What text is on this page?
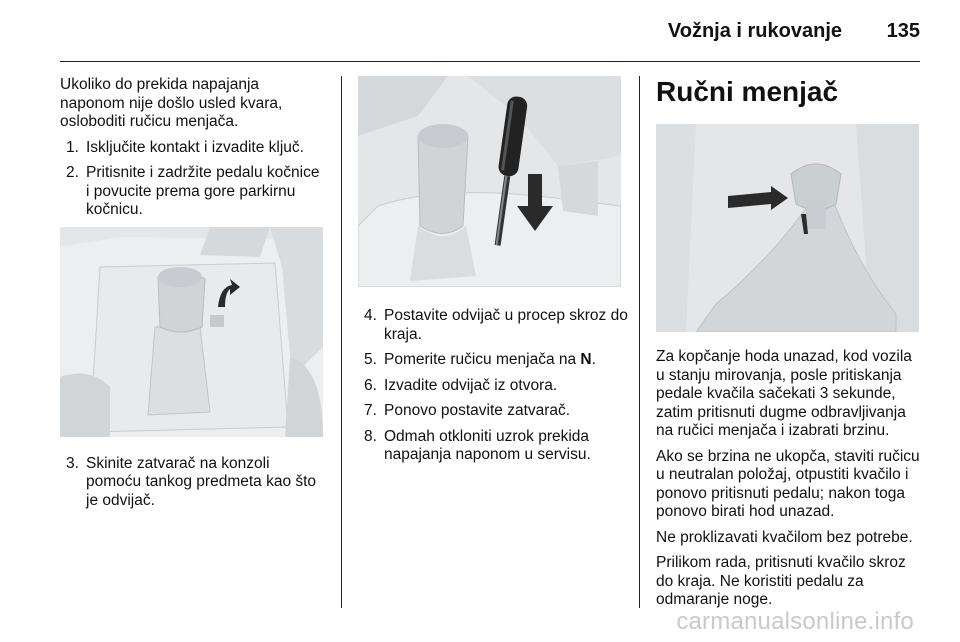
Vožnja i rukovanje 135

Ukoliko do prekida napajanja naponom nije došlo usled kvara, osloboditi ručicu menjača.

1. Isključite kontakt i izvadite ključ.
2. Pritisnite i zadržite pedalu kočnice i povucite prema gore parkirnu kočnicu.
3. Skinite zatvarač na konzoli pomoću tankog predmeta kao što je odvijač.
4. Postavite odvijač u procep skroz do kraja.
5. Pomerite ručicu menjača na N.
6. Izvadite odvijač iz otvora.
7. Ponovo postavite zatvarač.
8. Odmah otkloniti uzrok prekida napajanja naponom u servisu.
Ručni menjač

Za kopčanje hoda unazad, kod vozila u stanju mirovanja, posle pritiskanja pedale kvačila sačekati 3 sekunde, zatim pritisnuti dugme odbravljivanja na ručici menjača i izabrati brzinu.

Ako se brzina ne ukopča, staviti ručicu u neutralan položaj, otpustiti kvačilo i ponovo pritisnuti pedalu; nakon toga ponovo birati hod unazad.

Ne proklizavati kvačilom bez potrebe.

Prilikom rada, pritisnuti kvačilo skroz do kraja. Ne koristiti pedalu za odmaranje noge.

carmanualsonline.info
